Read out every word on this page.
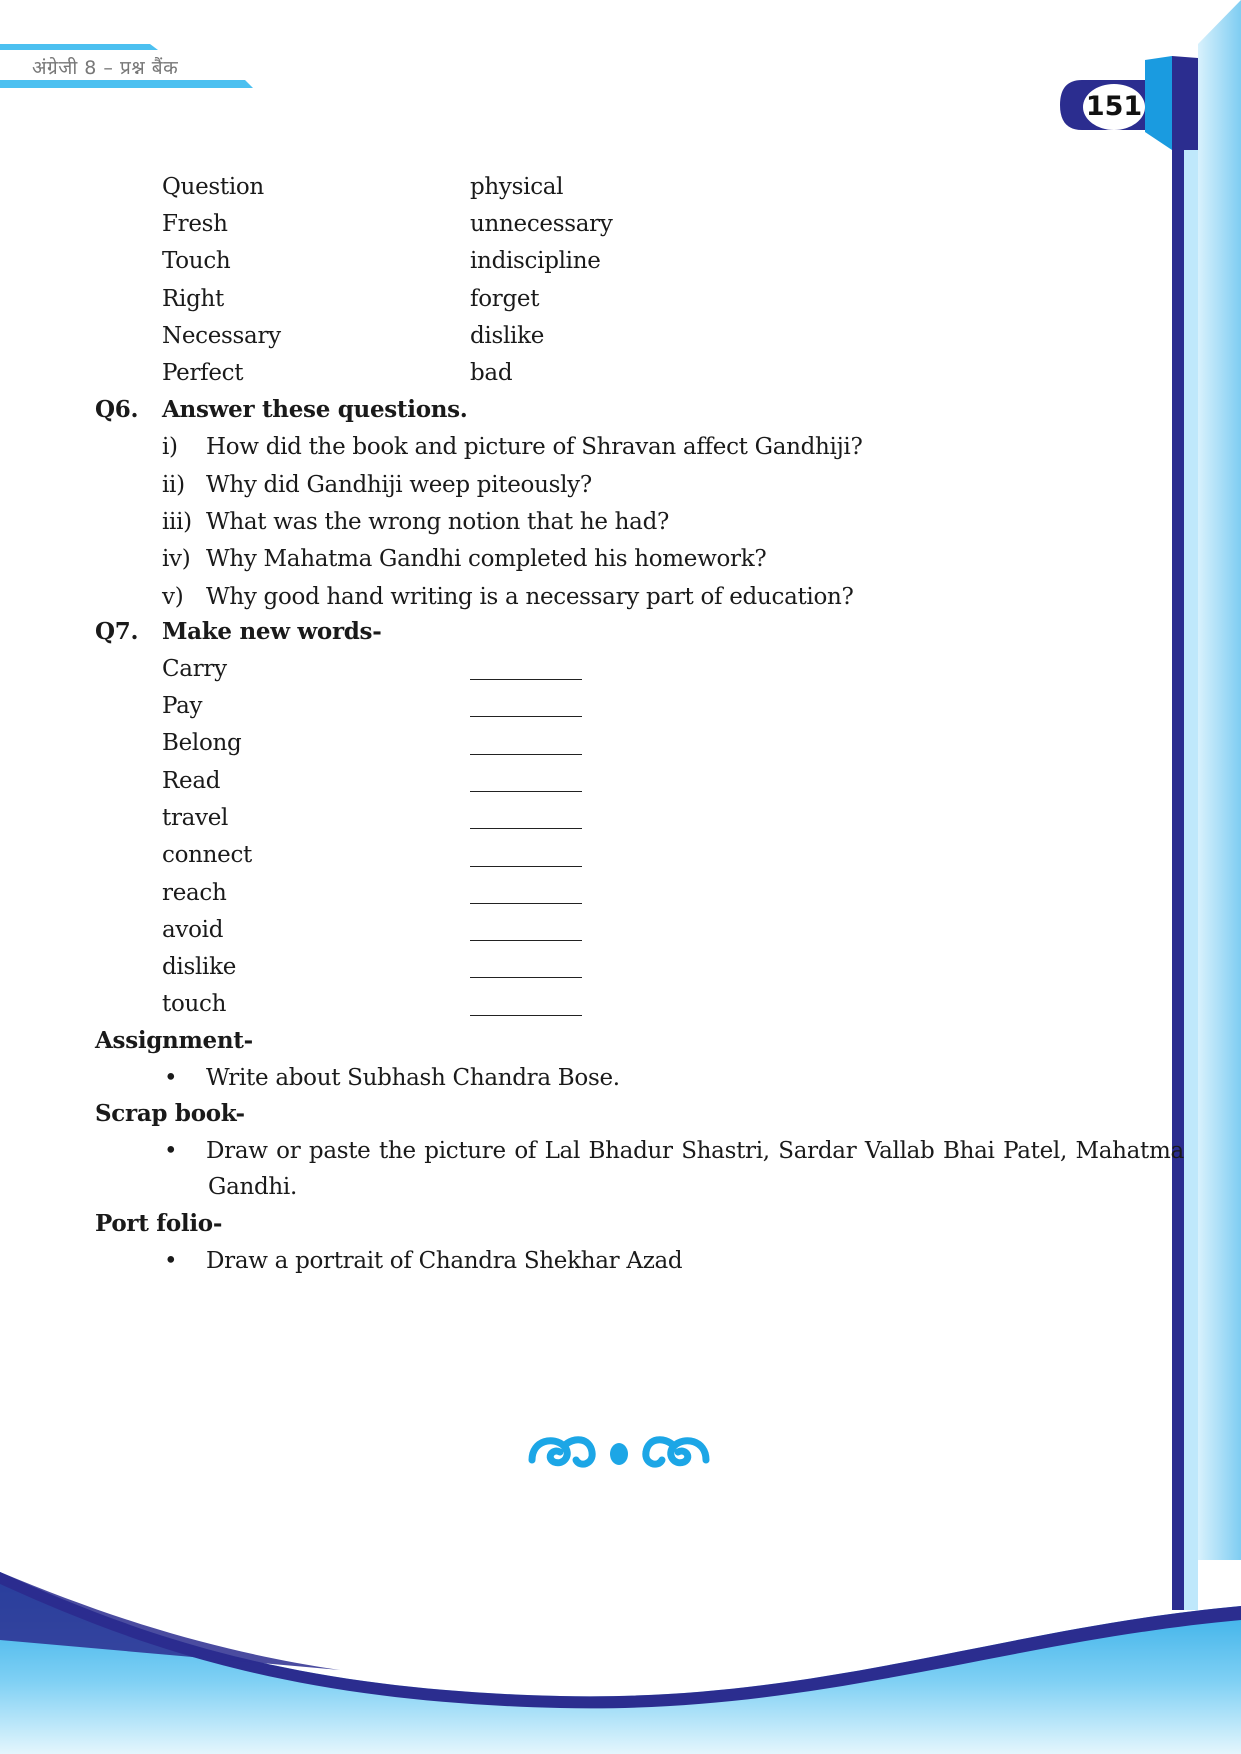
अंग्रेजी 8 – प्रश्न बैंक
151
Question	physical
Fresh	unnecessary
Touch	indiscipline
Right	forget
Necessary	dislike
Perfect	bad
Q6. Answer these questions.
i) How did the book and picture of Shravan affect Gandhiji?
ii) Why did Gandhiji weep piteously?
iii) What was the wrong notion that he had?
iv) Why Mahatma Gandhi completed his homework?
v) Why good hand writing is a necessary part of education?
Q7. Make new words-
Carry
Pay
Belong
Read
travel
connect
reach
avoid
dislike
touch
Assignment-
• Write about Subhash Chandra Bose.
Scrap book-
• Draw or paste the picture of Lal Bhadur Shastri, Sardar Vallab Bhai Patel, Mahatma
Gandhi.
Port folio-
• Draw a portrait of Chandra Shekhar Azad
